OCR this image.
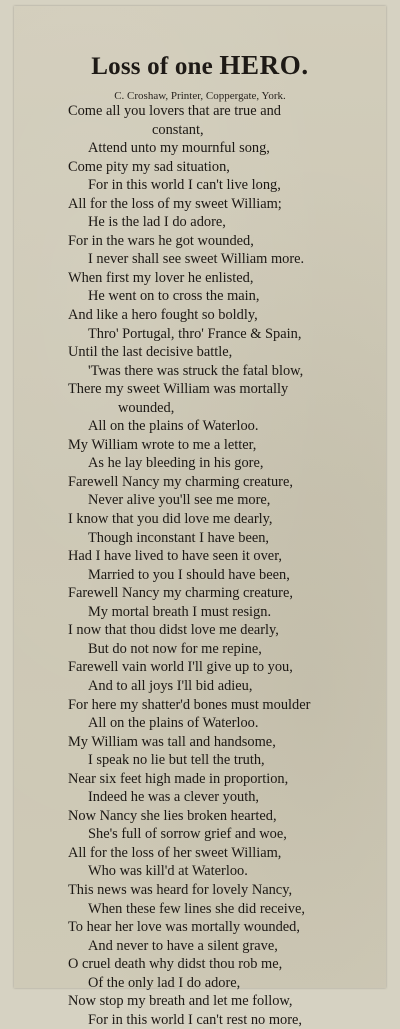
Loss of one HERO.

C. Croshaw, Printer, Coppergate, York.

Come all you lovers that are true and
constant,
Attend unto my mournful song,
Come pity my sad situation,
For in this world I can't live long,
All for the loss of my sweet William;
He is the lad I do adore,
For in the wars he got wounded,
I never shall see sweet William more.
When first my lover he enlisted,
He went on to cross the main,
And like a hero fought so boldly,
Thro' Portugal, thro' France & Spain,
Until the last decisive battle,
'Twas there was struck the fatal blow,
There my sweet William was mortally
wounded,
All on the plains of Waterloo.
My William wrote to me a letter,
As he lay bleeding in his gore,
Farewell Nancy my charming creature,
Never alive you'll see me more,
I know that you did love me dearly,
Though inconstant I have been,
Had I have lived to have seen it over,
Married to you I should have been,
Farewell Nancy my charming creature,
My mortal breath I must resign.
I now that thou didst love me dearly,
But do not now for me repine,
Farewell vain world I'll give up to you,
And to all joys I'll bid adieu,
For here my shatter'd bones must moulder
All on the plains of Waterloo.
My William was tall and handsome,
I speak no lie but tell the truth,
Near six feet high made in proportion,
Indeed he was a clever youth,
Now Nancy she lies broken hearted,
She's full of sorrow grief and woe,
All for the loss of her sweet William,
Who was kill'd at Waterloo.
This news was heard for lovely Nancy,
When these few lines she did receive,
To hear her love was mortally wounded,
And never to have a silent grave,
O cruel death why didst thou rob me,
Of the only lad I do adore,
Now stop my breath and let me follow,
For in this world I can't rest no more,
